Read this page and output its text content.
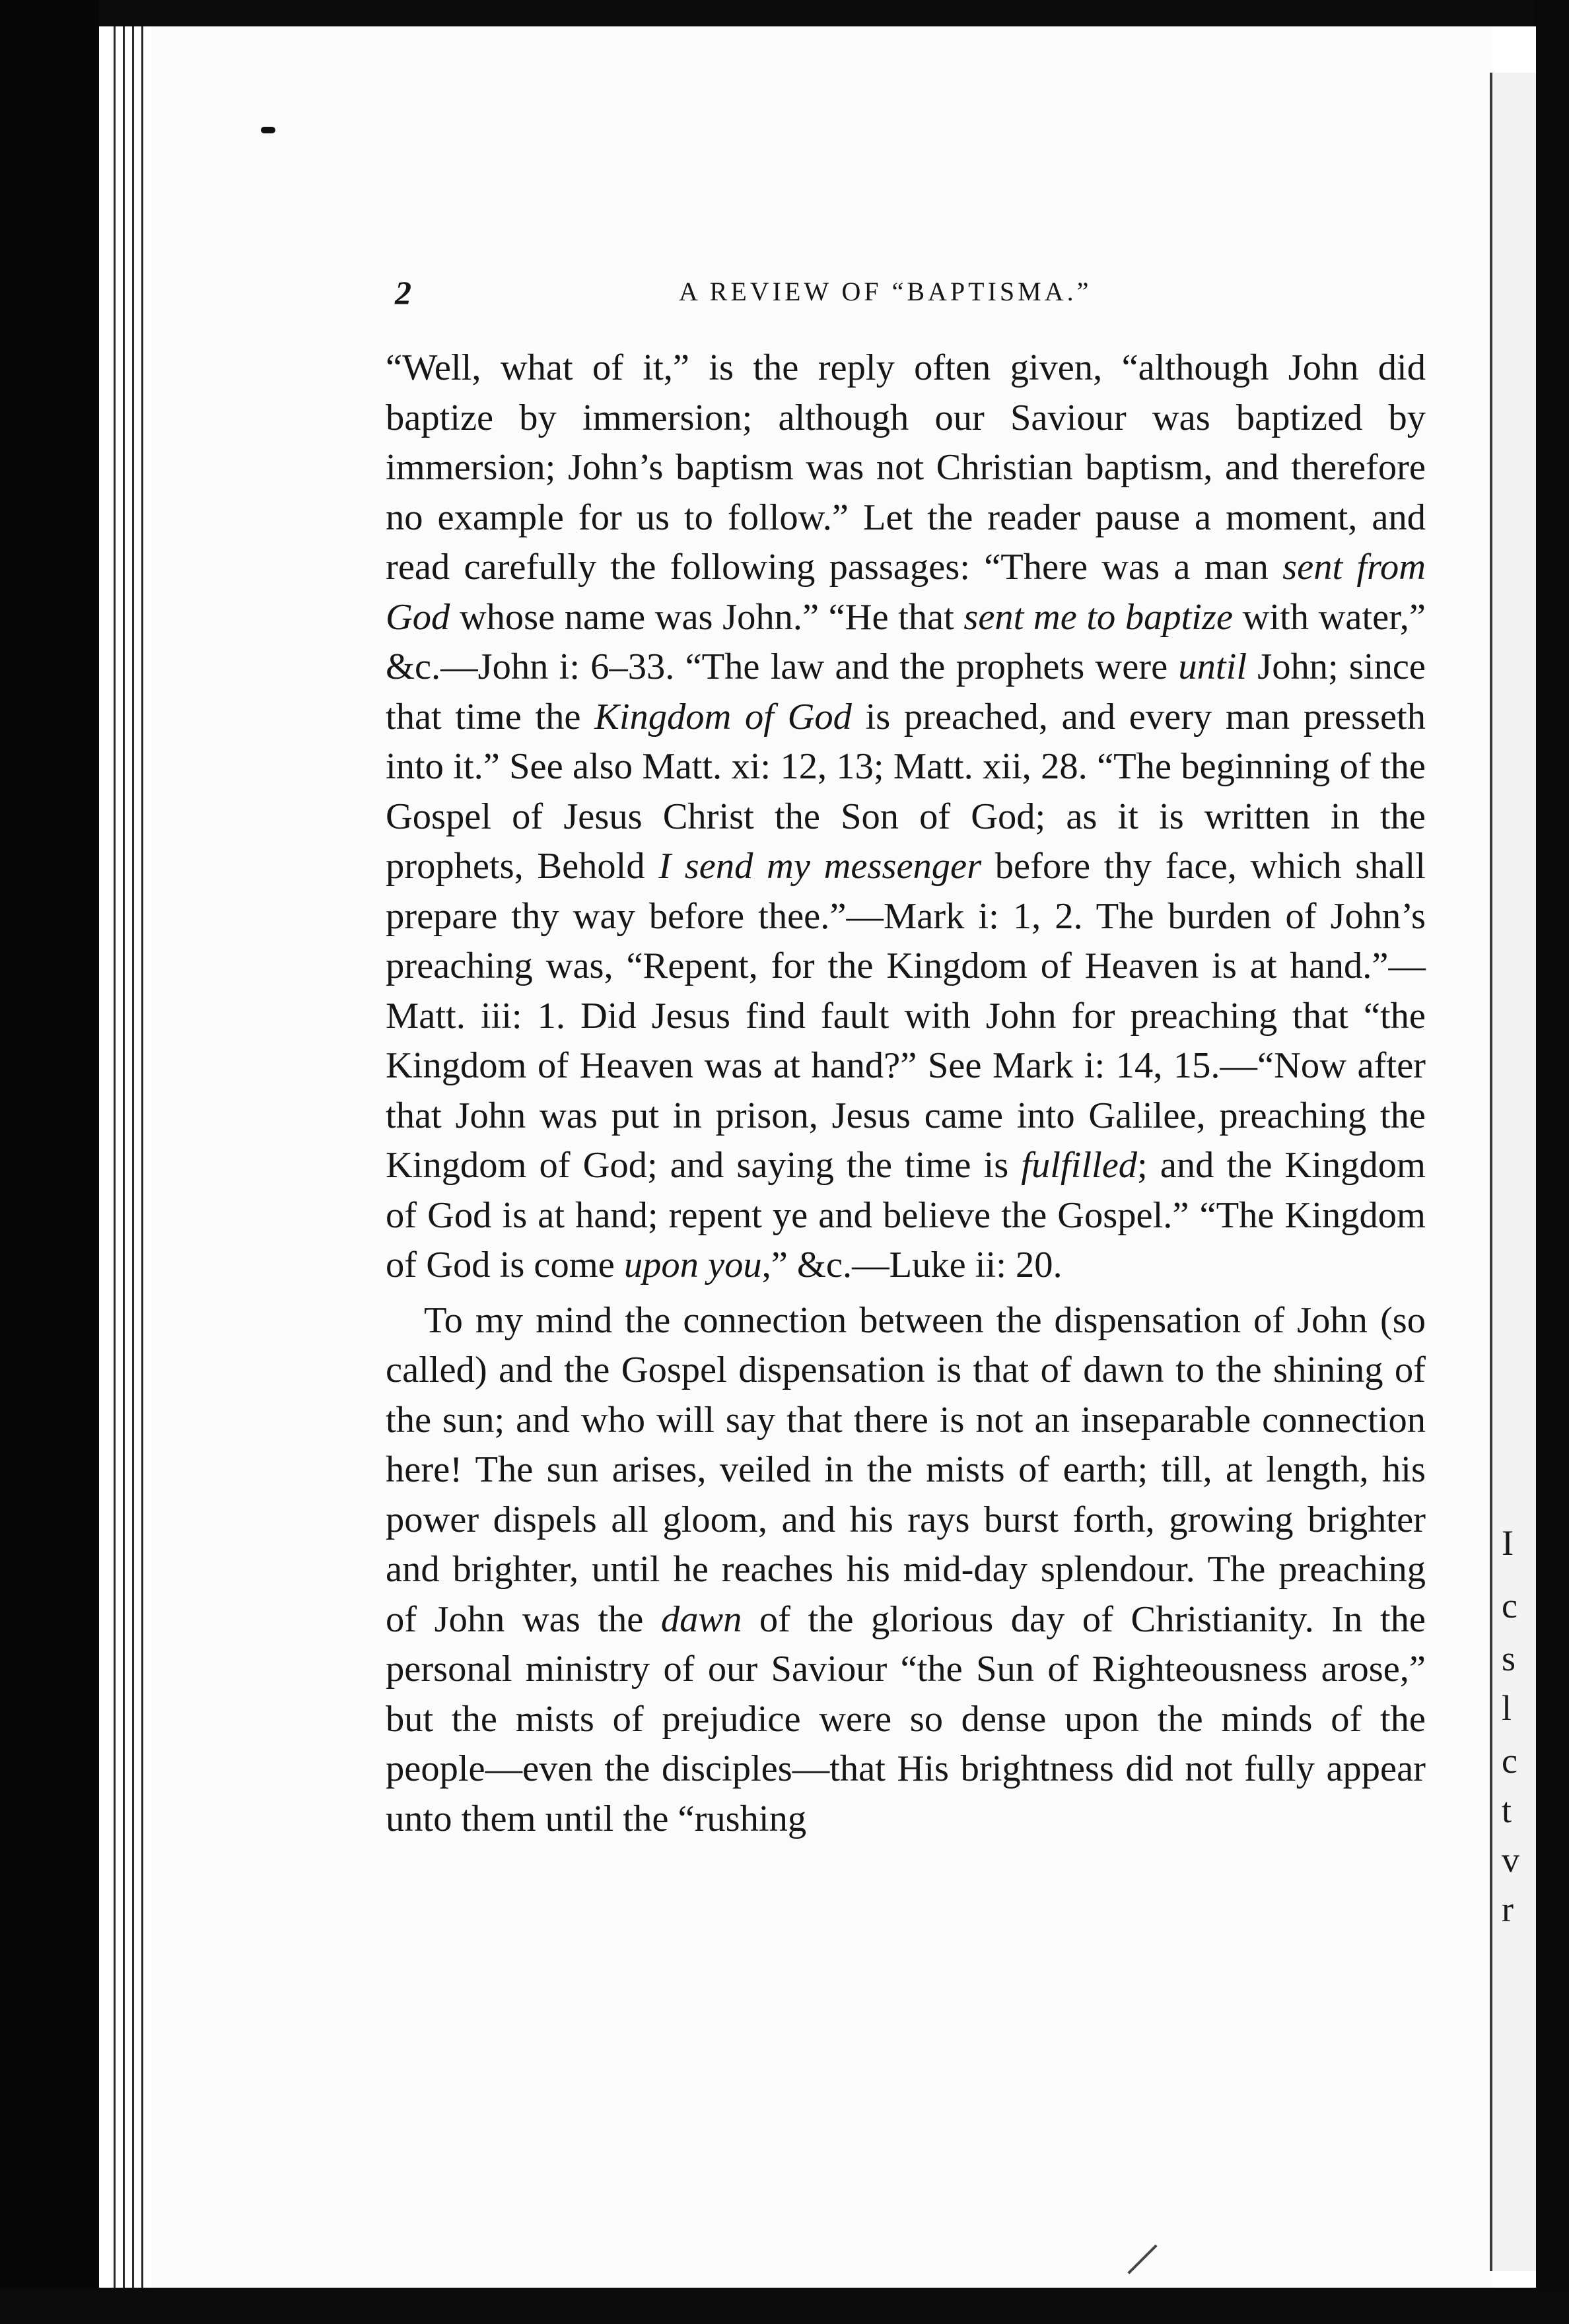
I
c
s
l
c
t
v
r
2	A REVIEW OF “BAPTISMA.”

“Well, what of it,” is the reply often given, “although John did baptize by immersion; although our Saviour was baptized by immersion; John’s baptism was not Christian baptism, and therefore no example for us to follow.” Let the reader pause a moment, and read carefully the following passages: “There was a man sent from God whose name was John.” “He that sent me to baptize with water,” &c.—John i: 6–33. “The law and the prophets were until John; since that time the Kingdom of God is preached, and every man presseth into it.” See also Matt. xi: 12, 13; Matt. xii, 28. “The beginning of the Gospel of Jesus Christ the Son of God; as it is written in the prophets, Behold I send my messenger before thy face, which shall prepare thy way before thee.”—Mark i: 1, 2. The burden of John’s preaching was, “Repent, for the Kingdom of Heaven is at hand.”—Matt. iii: 1. Did Jesus find fault with John for preaching that “the Kingdom of Heaven was at hand?” See Mark i: 14, 15.—“Now after that John was put in prison, Jesus came into Galilee, preaching the Kingdom of God; and saying the time is fulfilled; and the Kingdom of God is at hand; repent ye and believe the Gospel.” “The Kingdom of God is come upon you,” &c.—Luke ii: 20.

To my mind the connection between the dispensation of John (so called) and the Gospel dispensation is that of dawn to the shining of the sun; and who will say that there is not an inseparable connection here! The sun arises, veiled in the mists of earth; till, at length, his power dispels all gloom, and his rays burst forth, growing brighter and brighter, until he reaches his mid-day splendour. The preaching of John was the dawn of the glorious day of Christianity. In the personal ministry of our Saviour “the Sun of Righteousness arose,” but the mists of prejudice were so dense upon the minds of the people—even the disciples—that His brightness did not fully appear unto them until the “rushing
